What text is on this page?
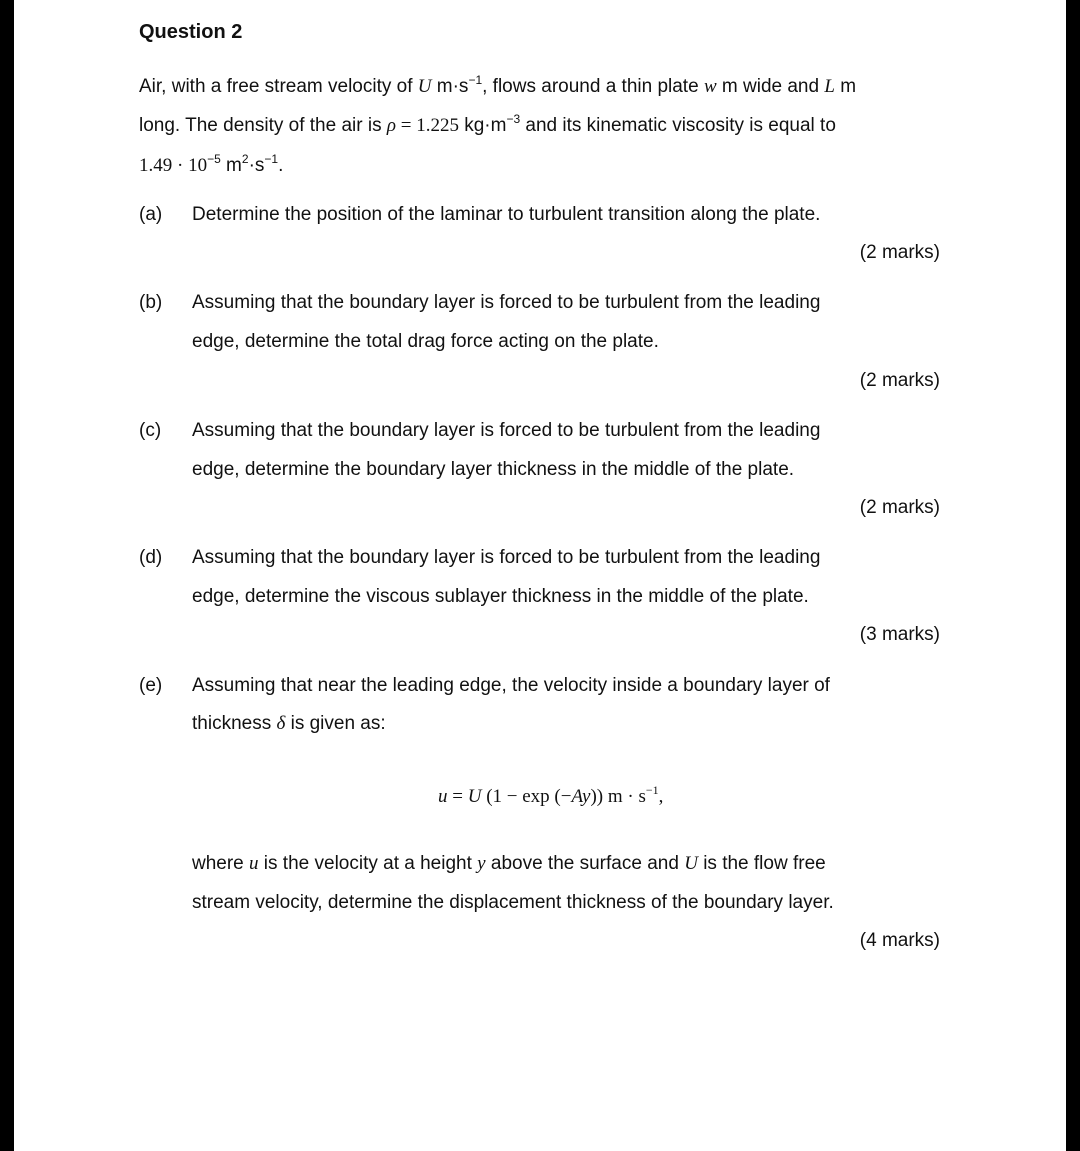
Question 2
Air, with a free stream velocity of U $m\cdot s^{-1}$, flows around a thin plate w m wide and L m
long. The density of the air is ρ = 1.225 $kg\cdot m^{-3}$ and its kinematic viscosity is equal to
$1.49 \cdot 10^{-5}$ $m^2\cdot s^{-1}$.
(a) Determine the position of the laminar to turbulent transition along the plate.
(2 marks)
(b) Assuming that the boundary layer is forced to be turbulent from the leading
edge, determine the total drag force acting on the plate.
(2 marks)
(c) Assuming that the boundary layer is forced to be turbulent from the leading
edge, determine the boundary layer thickness in the middle of the plate.
(2 marks)
(d) Assuming that the boundary layer is forced to be turbulent from the leading
edge, determine the viscous sublayer thickness in the middle of the plate.
(3 marks)
(e) Assuming that near the leading edge, the velocity inside a boundary layer of
thickness δ is given as:
u = U (1 − exp (−Ay)) $m \cdot s^{-1}$,
where u is the velocity at a height y above the surface and U is the flow free
stream velocity, determine the displacement thickness of the boundary layer.
(4 marks)
